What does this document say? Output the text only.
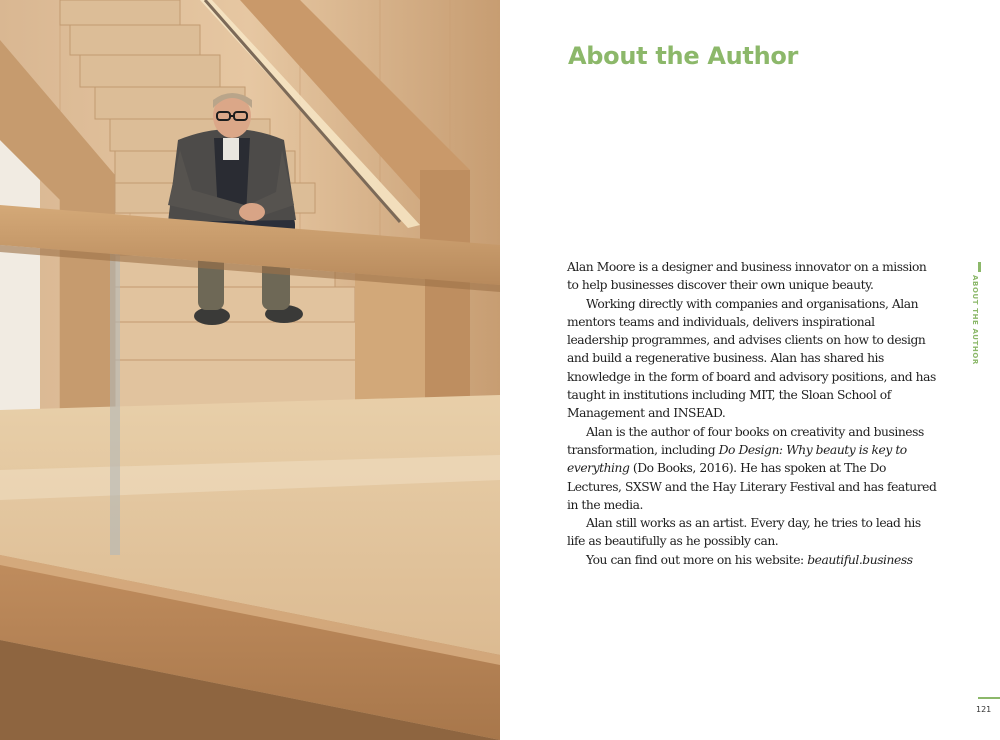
About the Author

Alan Moore is a designer and business innovator on a mission to help businesses discover their own unique beauty.

Working directly with companies and organisations, Alan mentors teams and individuals, delivers inspirational leadership programmes, and advises clients on how to design and build a regenerative business. Alan has shared his knowledge in the form of board and advisory positions, and has taught in institutions including MIT, the Sloan School of Management and INSEAD.

Alan is the author of four books on creativity and business transformation, including Do Design: Why beauty is key to everything (Do Books, 2016). He has spoken at The Do Lectures, SXSW and the Hay Literary Festival and has featured in the media.

Alan still works as an artist. Every day, he tries to lead his life as beautifully as he possibly can.

You can find out more on his website: beautiful.business

ABOUT THE AUTHOR
121
